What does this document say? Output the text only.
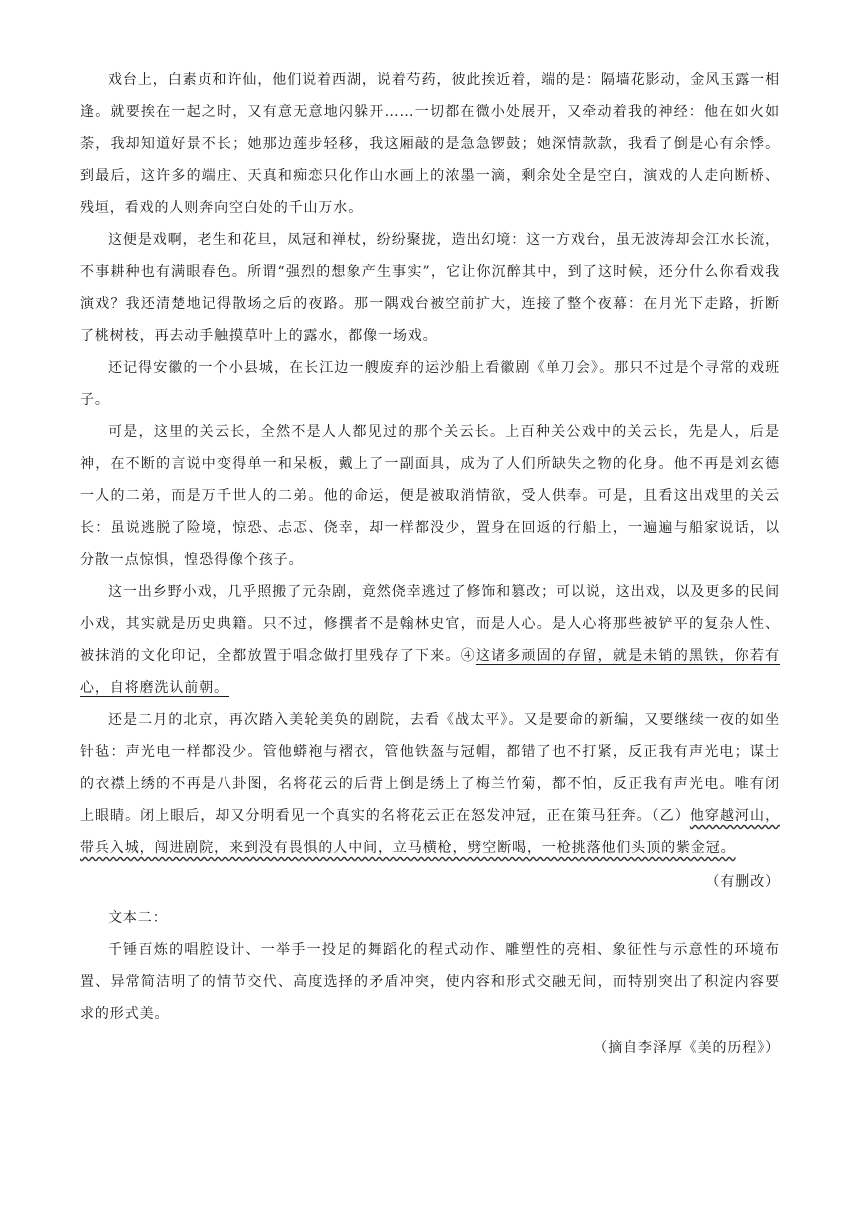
戏台上，白素贞和许仙，他们说着西湖，说着芍药，彼此挨近着，端的是：隔墙花影动，金风玉露一相逢。就要挨在一起之时，又有意无意地闪躲开……一切都在微小处展开，又牵动着我的神经：他在如火如荼，我却知道好景不长；她那边莲步轻移，我这厢敲的是急急锣鼓；她深情款款，我看了倒是心有余悸。到最后，这许多的端庄、天真和痴恋只化作山水画上的浓墨一滴，剩余处全是空白，演戏的人走向断桥、残垣，看戏的人则奔向空白处的千山万水。

这便是戏啊，老生和花旦，凤冠和禅杖，纷纷聚拢，造出幻境：这一方戏台，虽无波涛却会江水长流，不事耕种也有满眼春色。所谓“强烈的想象产生事实”，它让你沉醉其中，到了这时候，还分什么你看戏我演戏？我还清楚地记得散场之后的夜路。那一隅戏台被空前扩大，连接了整个夜幕：在月光下走路，折断了桃树枝，再去动手触摸草叶上的露水，都像一场戏。

还记得安徽的一个小县城，在长江边一艘废弃的运沙船上看徽剧《单刀会》。那只不过是个寻常的戏班子。

可是，这里的关云长，全然不是人人都见过的那个关云长。上百种关公戏中的关云长，先是人，后是神，在不断的言说中变得单一和呆板，戴上了一副面具，成为了人们所缺失之物的化身。他不再是刘玄德一人的二弟，而是万千世人的二弟。他的命运，便是被取消情欲，受人供奉。可是，且看这出戏里的关云长：虽说逃脱了险境，惊恐、忐忑、侥幸，却一样都没少，置身在回返的行船上，一遍遍与船家说话，以分散一点惊惧，惶恐得像个孩子。

这一出乡野小戏，几乎照搬了元杂剧，竟然侥幸逃过了修饰和篡改；可以说，这出戏，以及更多的民间小戏，其实就是历史典籍。只不过，修撰者不是翰林史官，而是人心。是人心将那些被铲平的复杂人性、被抹消的文化印记，全都放置于唱念做打里残存了下来。④这诸多顽固的存留，就是未销的黑铁，你若有心，自将磨洗认前朝。

还是二月的北京，再次踏入美轮美奂的剧院，去看《战太平》。又是要命的新编，又要继续一夜的如坐针毡：声光电一样都没少。管他蟒袍与褶衣，管他铁盔与冠帽，都错了也不打紧，反正我有声光电；谋士的衣襟上绣的不再是八卦图，名将花云的后背上倒是绣上了梅兰竹菊，都不怕，反正我有声光电。唯有闭上眼睛。闭上眼后，却又分明看见一个真实的名将花云正在怒发冲冠，正在策马狂奔。（乙）他穿越河山，带兵入城，闯进剧院，来到没有畏惧的人中间，立马横枪，劈空断喝，一枪挑落他们头顶的紫金冠。

（有删改）

文本二：

千锤百炼的唱腔设计、一举手一投足的舞蹈化的程式动作、雕塑性的亮相、象征性与示意性的环境布置、异常简洁明了的情节交代、高度选择的矛盾冲突，使内容和形式交融无间，而特别突出了积淀内容要求的形式美。

（摘自李泽厚《美的历程》）
